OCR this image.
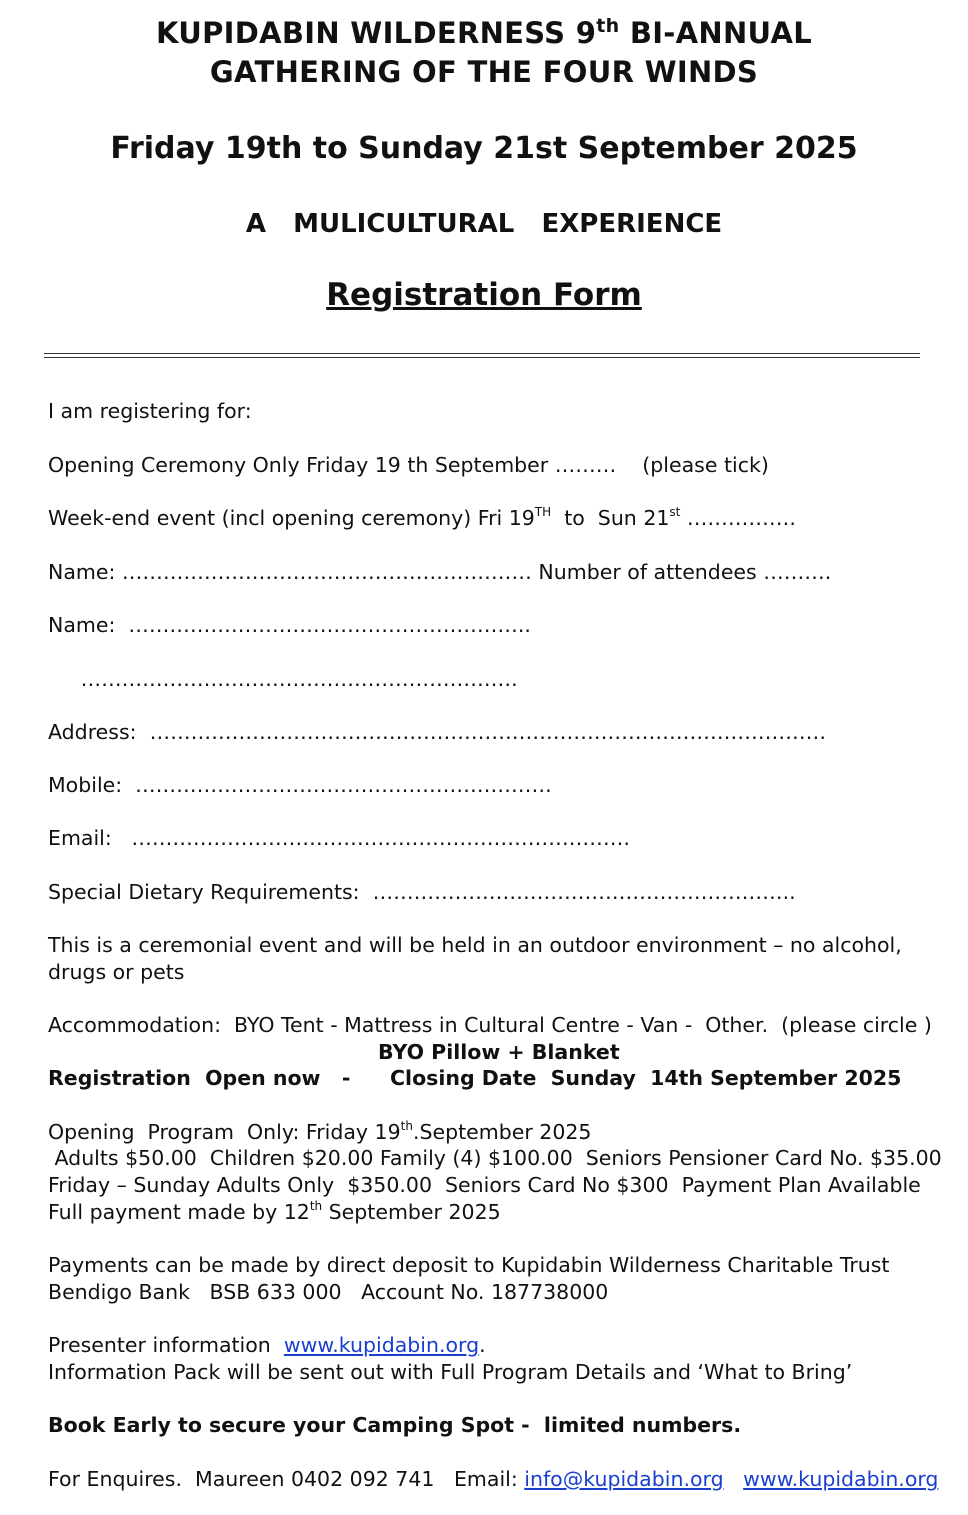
KUPIDABIN WILDERNESS 9th BI-ANNUAL
GATHERING OF THE FOUR WINDS
Friday 19th to Sunday 21st September 2025
A   MULICULTURAL   EXPERIENCE
Registration Form
I am registering for:
Opening Ceremony Only Friday 19 th September ………    (please tick)
Week-end event (incl opening ceremony) Fri 19TH  to  Sun 21st …………….
Name: …………………………………………………… Number of attendees ……….
Name:  …………………………………………………..
……………………………………………………….
Address:  ………………………………………………………………………………………
Mobile:  …………………………………………………….
Email:   ……………………………………………………………….
Special Dietary Requirements:  ……………………………………………………..
This is a ceremonial event and will be held in an outdoor environment – no alcohol,
drugs or pets
Accommodation:  BYO Tent - Mattress in Cultural Centre - Van -  Other.  (please circle )
BYO Pillow + Blanket
Registration  Open now   - Closing Date  Sunday  14th September 2025
Opening  Program  Only: Friday 19th.September 2025
Adults $50.00  Children $20.00 Family (4) $100.00  Seniors Pensioner Card No. $35.00
Friday – Sunday Adults Only  $350.00  Seniors Card No $300  Payment Plan Available
Full payment made by 12th September 2025
Payments can be made by direct deposit to Kupidabin Wilderness Charitable Trust
Bendigo Bank   BSB 633 000   Account No. 187738000
Presenter information  www.kupidabin.org.
Information Pack will be sent out with Full Program Details and ‘What to Bring’
Book Early to secure your Camping Spot -  limited numbers.
For Enquires.  Maureen 0402 092 741   Email: info@kupidabin.org www.kupidabin.org
